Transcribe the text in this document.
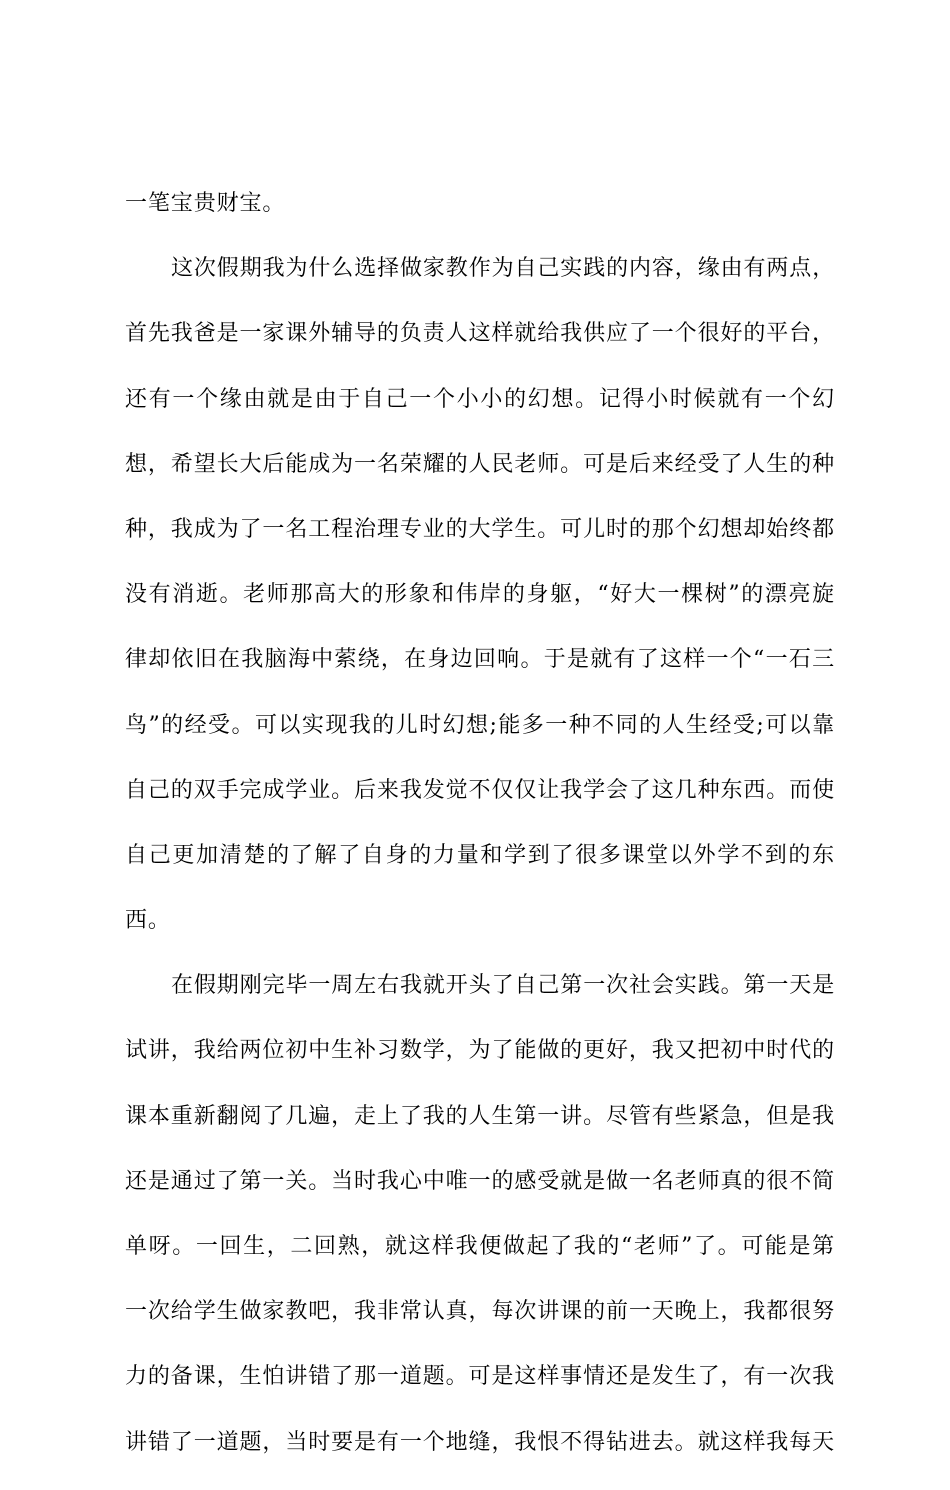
一笔宝贵财宝。
这次假期我为什么选择做家教作为自己实践的内容，缘由有两点，
首先我爸是一家课外辅导的负责人这样就给我供应了一个很好的平台，
还有一个缘由就是由于自己一个小小的幻想。记得小时候就有一个幻
想，希望长大后能成为一名荣耀的人民老师。可是后来经受了人生的种
种，我成为了一名工程治理专业的大学生。可儿时的那个幻想却始终都
没有消逝。老师那高大的形象和伟岸的身躯，“好大一棵树”的漂亮旋
律却依旧在我脑海中萦绕，在身边回响。于是就有了这样一个“一石三
鸟”的经受。可以实现我的儿时幻想;能多一种不同的人生经受;可以靠
自己的双手完成学业。后来我发觉不仅仅让我学会了这几种东西。而使
自己更加清楚的了解了自身的力量和学到了很多课堂以外学不到的东
西。
在假期刚完毕一周左右我就开头了自己第一次社会实践。第一天是
试讲，我给两位初中生补习数学，为了能做的更好，我又把初中时代的
课本重新翻阅了几遍，走上了我的人生第一讲。尽管有些紧急，但是我
还是通过了第一关。当时我心中唯一的感受就是做一名老师真的很不简
单呀。一回生，二回熟，就这样我便做起了我的“老师”了。可能是第
一次给学生做家教吧，我非常认真，每次讲课的前一天晚上，我都很努
力的备课，生怕讲错了那一道题。可是这样事情还是发生了，有一次我
讲错了一道题，当时要是有一个地缝，我恨不得钻进去。就这样我每天
